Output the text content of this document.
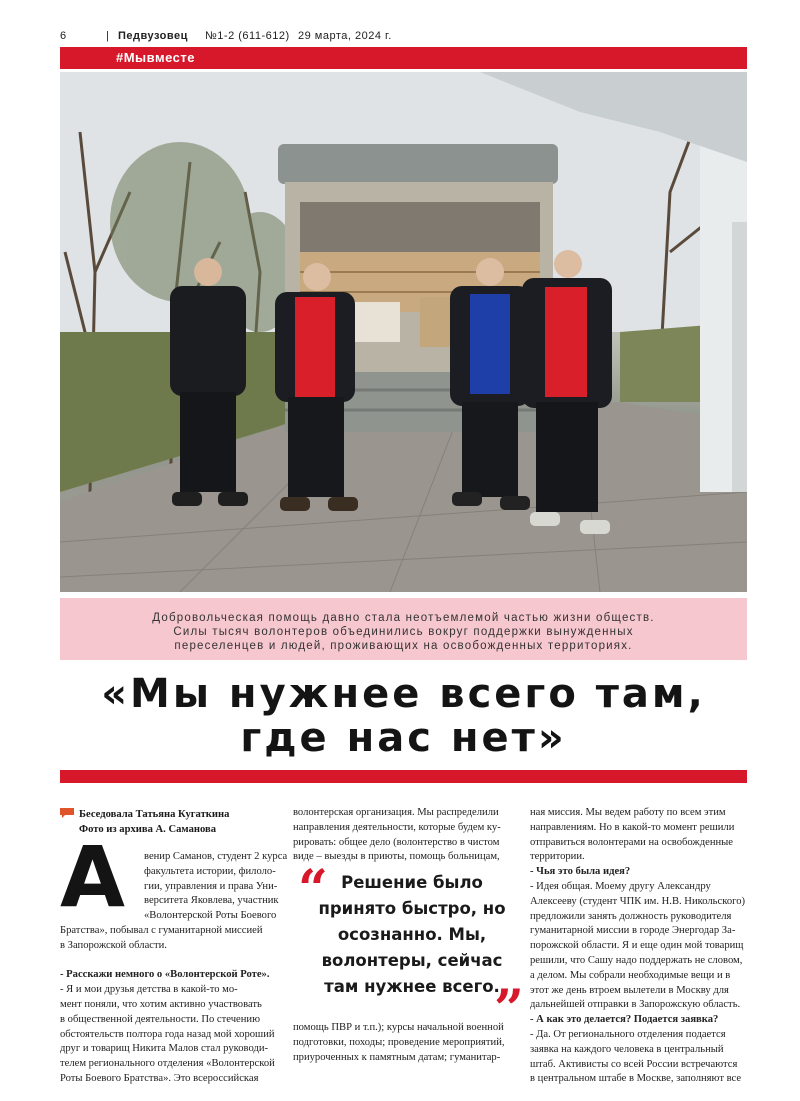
6	| Педвузовец №1-2 (611-612) 29 марта, 2024 г.
#Мывместе
Добровольческая помощь давно стала неотъемлемой частью жизни обществ.
Силы тысяч волонтеров объединились вокруг поддержки вынужденных
переселенцев и людей, проживающих на освобожденных территориях.
«Мы нужнее всего там,
где нас нет»
Беседовала Татьяна Кугаткина
Фото из архива А. Саманова
А	венир Саманов, студент 2 курса
факультета истории, филоло-
гии, управления и права Уни-
верситета Яковлева, участник
«Волонтерской Роты Боевого
Братства», побывал с гуманитарной миссией
в Запорожской области.
- Расскажи немного о «Волонтерской Роте».
- Я и мои друзья детства в какой-то мо-
мент поняли, что хотим активно участвовать
в общественной деятельности. По стечению
обстоятельств полтора года назад мой хороший
друг и товарищ Никита Малов стал руководи-
телем регионального отделения «Волонтерской
Роты Боевого Братства». Это всероссийская
волонтерская организация. Мы распределили
направления деятельности, которые будем ку-
рировать: общее дело (волонтерство в чистом
виде – выезды в приюты, помощь больницам,
“ Решение было
принято быстро, но
осознанно. Мы,
волонтеры, сейчас
там нужнее всего.
”
помощь ПВР и т.п.); курсы начальной военной
подготовки, походы; проведение мероприятий,
приуроченных к памятным датам; гуманитар-
ная миссия. Мы ведем работу по всем этим
направлениям. Но в какой-то момент решили
отправиться волонтерами на освобожденные
территории.
- Чья это была идея?
- Идея общая. Моему другу Александру
Алексееву (студент ЧПК им. Н.В. Никольского)
предложили занять должность руководителя
гуманитарной миссии в городе Энергодар За-
порожской области. Я и еще один мой товарищ
решили, что Сашу надо поддержать не словом,
а делом. Мы собрали необходимые вещи и в
этот же день втроем вылетели в Москву для
дальнейшей отправки в Запорожскую область.
- А как это делается? Подается заявка?
- Да. От регионального отделения подается
заявка на каждого человека в центральный
штаб. Активисты со всей России встречаются
в центральном штабе в Москве, заполняют все
